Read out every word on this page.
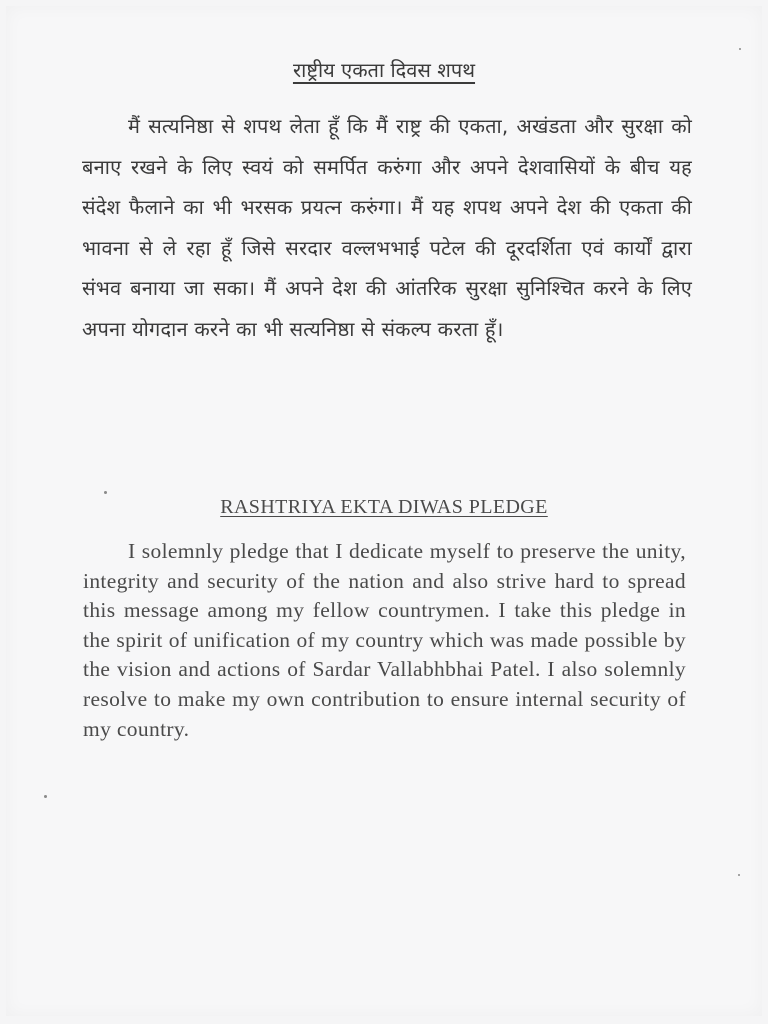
राष्ट्रीय एकता दिवस शपथ
मैं सत्यनिष्ठा से शपथ लेता हूँ कि मैं राष्ट्र की एकता, अखंडता और सुरक्षा को बनाए रखने के लिए स्वयं को समर्पित करुंगा और अपने देशवासियों के बीच यह संदेश फैलाने का भी भरसक प्रयत्न करुंगा। मैं यह शपथ अपने देश की एकता की भावना से ले रहा हूँ जिसे सरदार वल्लभभाई पटेल की दूरदर्शिता एवं कार्यों द्वारा संभव बनाया जा सका। मैं अपने देश की आंतरिक सुरक्षा सुनिश्चित करने के लिए अपना योगदान करने का भी सत्यनिष्ठा से संकल्प करता हूँ।
RASHTRIYA EKTA DIWAS PLEDGE
I solemnly pledge that I dedicate myself to preserve the unity, integrity and security of the nation and also strive hard to spread this message among my fellow countrymen. I take this pledge in the spirit of unification of my country which was made possible by the vision and actions of Sardar Vallabhbhai Patel. I also solemnly resolve to make my own contribution to ensure internal security of my country.
